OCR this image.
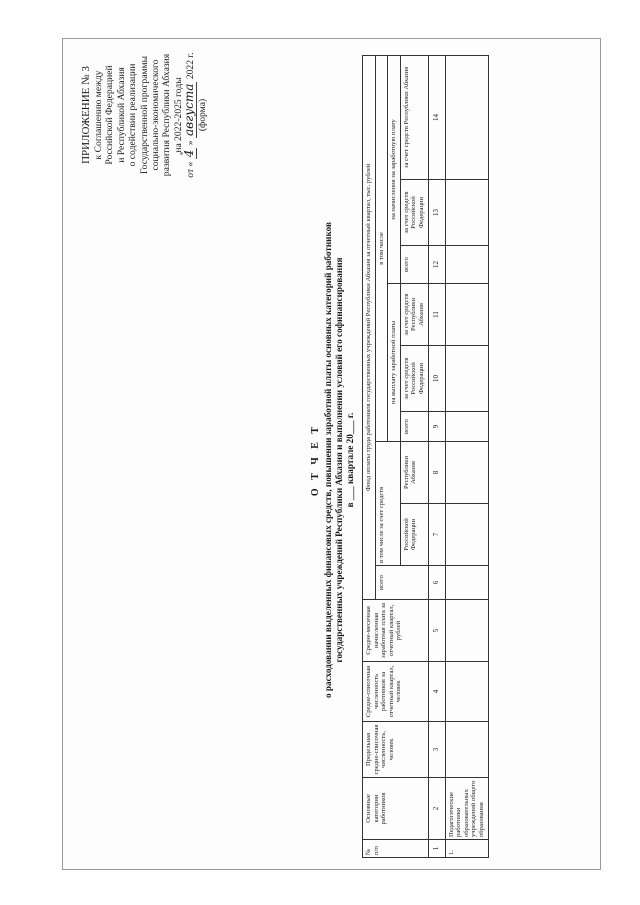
ПРИЛОЖЕНИЕ № 3 к Соглашению между Российской Федерацией и Республикой Абхазия о содействии реализации Государственной программы социально-экономического развития Республики Абхазия на 2022-2025 годы
от « 4 » августа 2022 г.
(форма)
О Т Ч Е Т о расходовании выделенных финансовых средств, повышении заработной платы основных категорий работников государственных учреждений Республики Абхазия и выполнении условий его софинансирования в ___ квартале 20___ г.
№ п/п	Основные категории работников	Предельная средне-списочная численность, человек	Средне-списочная численность работников за отчетный квартал, человек	Средне-месячная начисленная заработная плата за отчетный квартал, рублей	Фонд оплаты труда работников государственных учреждений Республики Абхазия за отчетный квартал, тыс. рублей								
					всего	в том числе за счет средств		в том числе					
								на выплату заработной платы			на начисления на заработную плату		
						Российской Федерации	Республики Абхазия	всего	за счет средств Российской Федерации	за счет средств Республики Абхазия	всего	за счет средств Российской Федерации	за счет средств Республики Абхазия
1	2	3	4	5	6	7	8	9	10	11	12	13	14
1.	Педагогические работники образовательных учреждений общего образования												
